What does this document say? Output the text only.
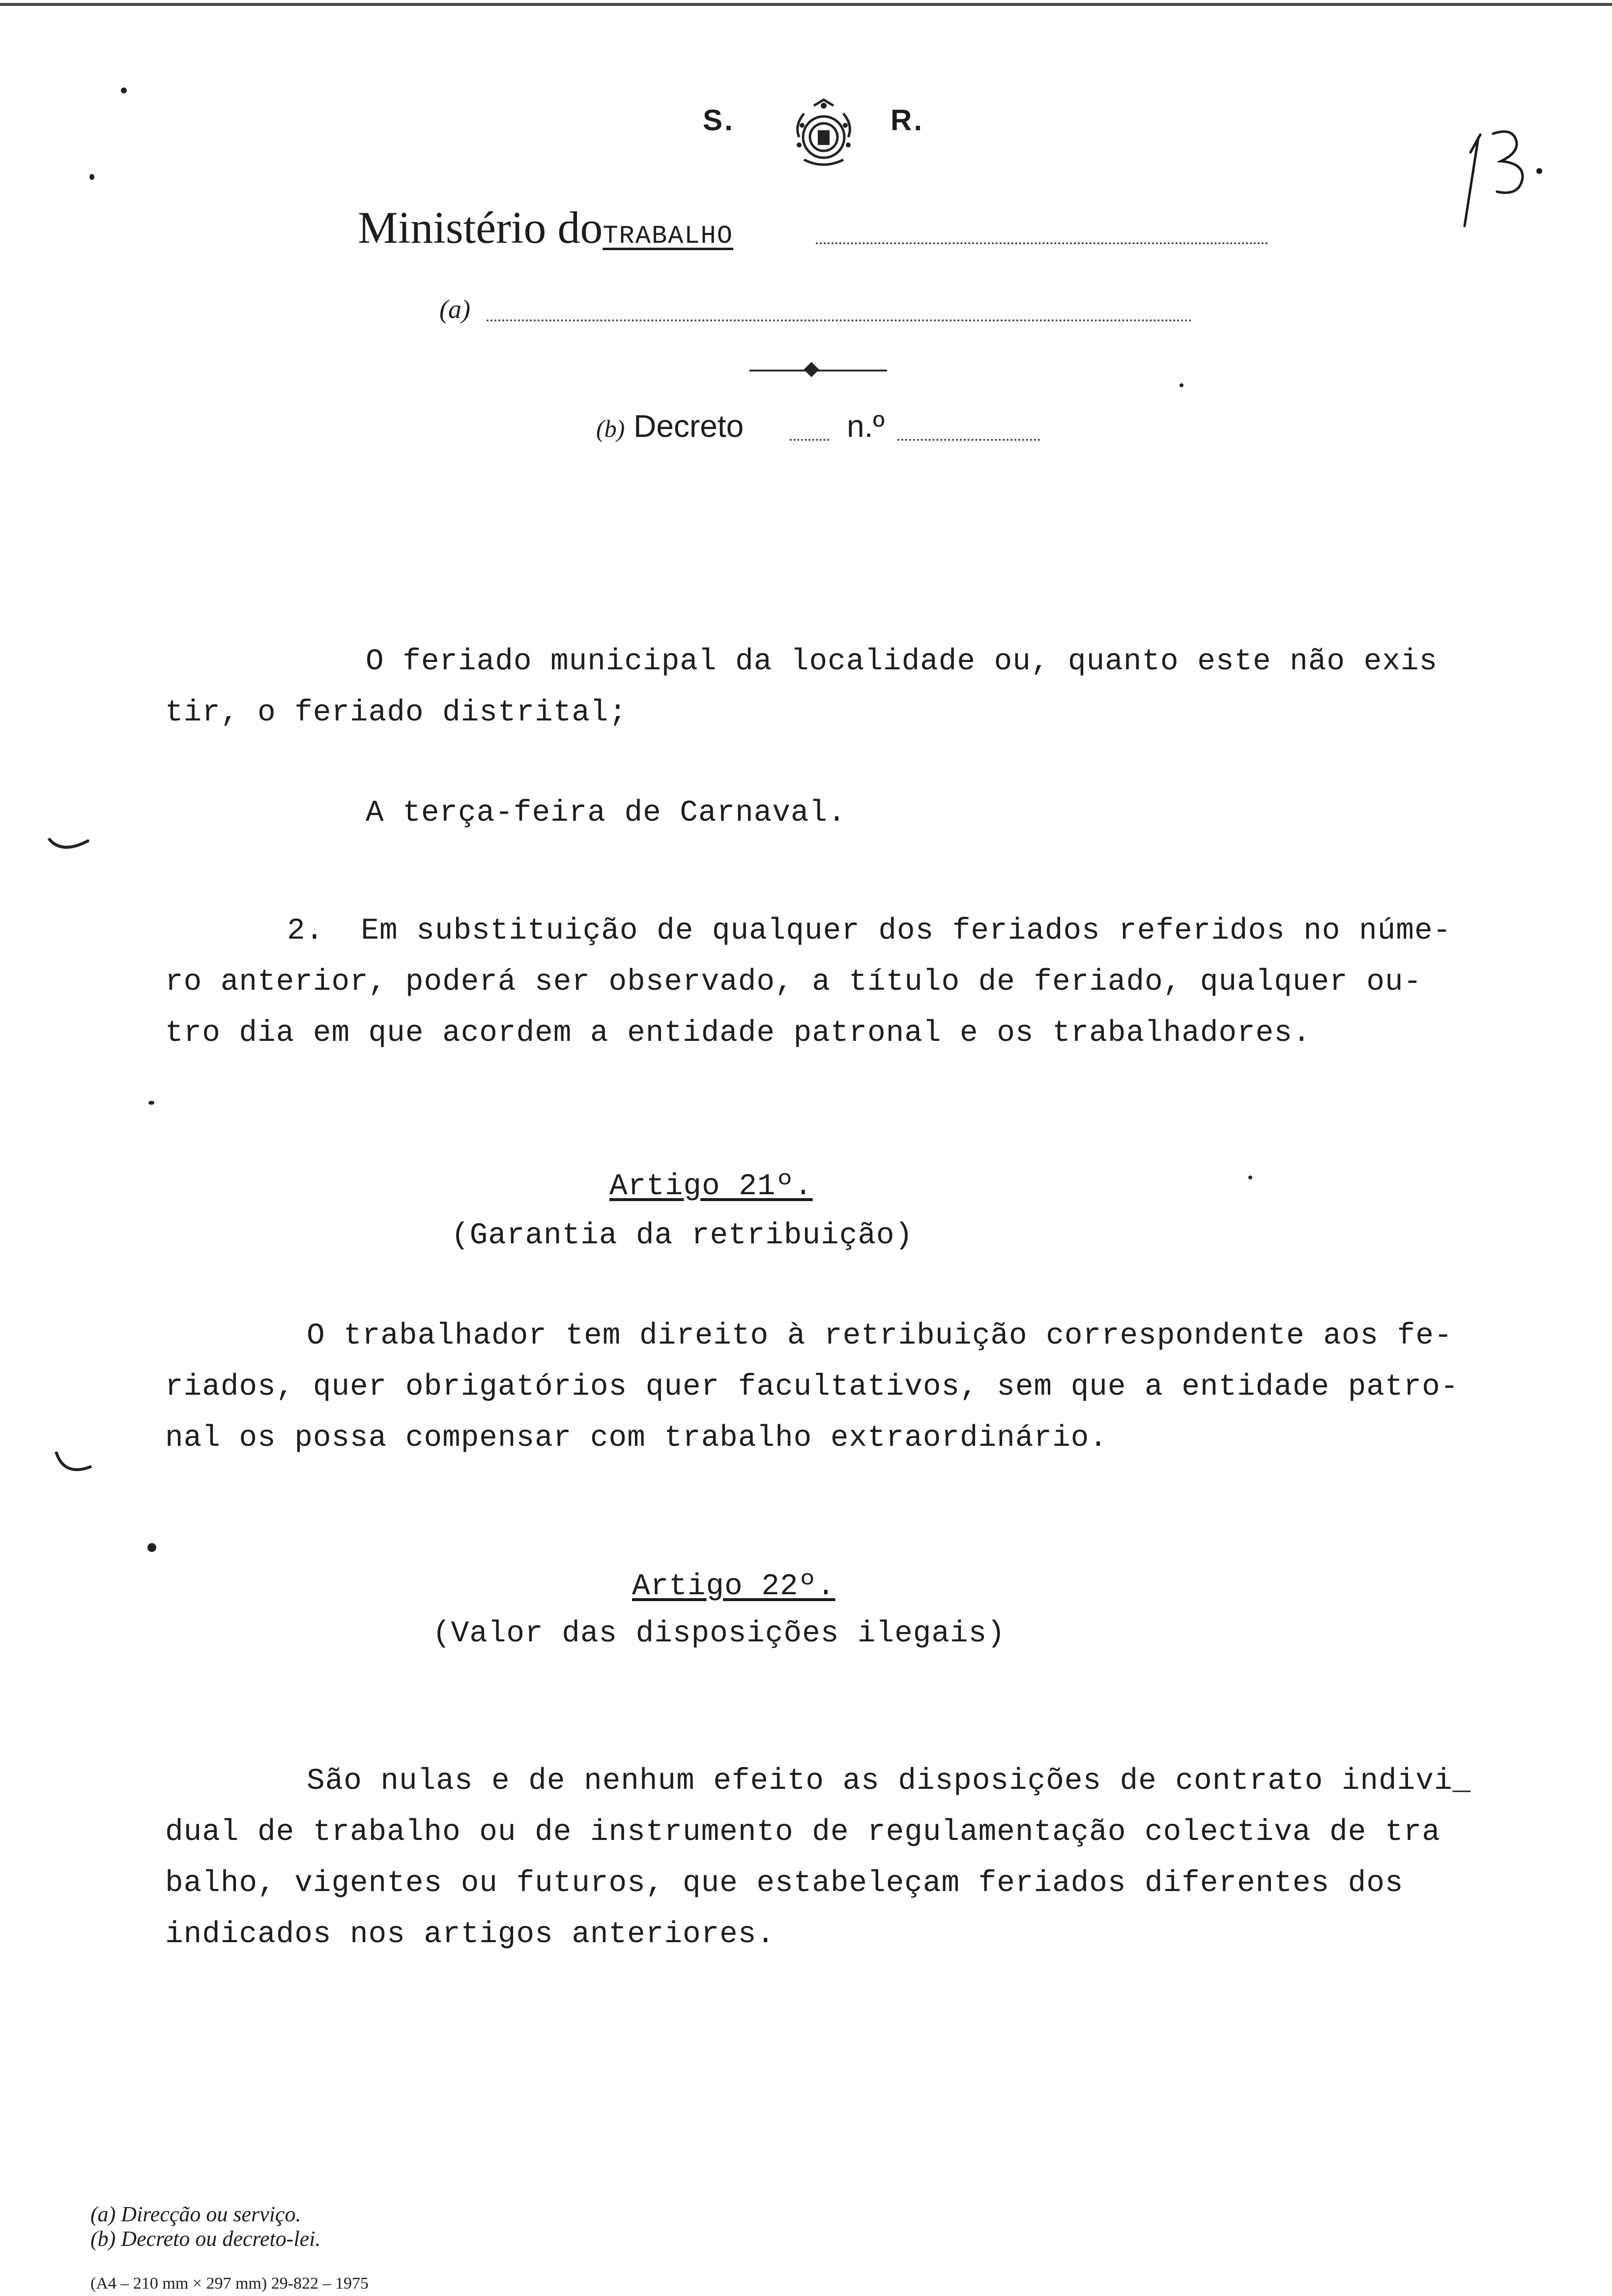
S.	R.
Ministério doTRABALHO
(a)
(b) Decreto	n.º
O feriado municipal da localidade ou, quanto este não exis
tir, o feriado distrital;
A terça-feira de Carnaval.
2.  Em substituição de qualquer dos feriados referidos no núme-
ro anterior, poderá ser observado, a título de feriado, qualquer ou-
tro dia em que acordem a entidade patronal e os trabalhadores.
Artigo 21º.
(Garantia da retribuição)
O trabalhador tem direito à retribuição correspondente aos fe-
riados, quer obrigatórios quer facultativos, sem que a entidade patro-
nal os possa compensar com trabalho extraordinário.
Artigo 22º.
(Valor das disposições ilegais)
São nulas e de nenhum efeito as disposições de contrato indivi_
dual de trabalho ou de instrumento de regulamentação colectiva de tra
balho, vigentes ou futuros, que estabeleçam feriados diferentes dos
indicados nos artigos anteriores.
(a) Direcção ou serviço.
(b) Decreto ou decreto-lei.
(A4 – 210 mm × 297 mm) 29-822 – 1975
